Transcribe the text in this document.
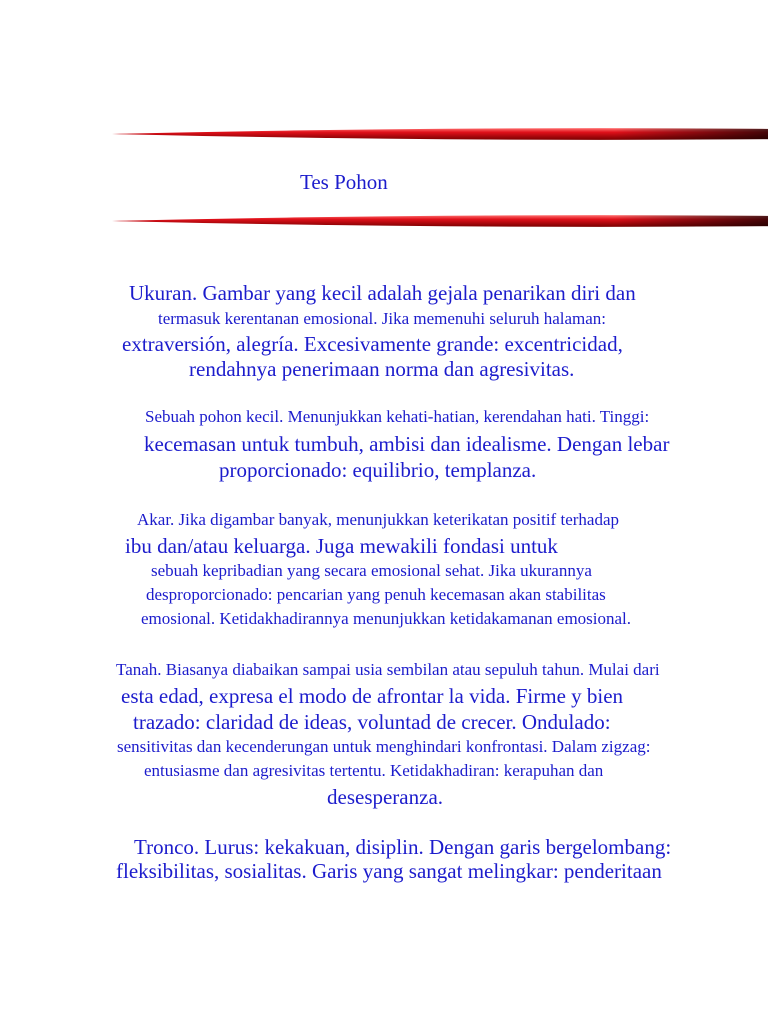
Tes Pohon
Ukuran. Gambar yang kecil adalah gejala penarikan diri dan
termasuk kerentanan emosional. Jika memenuhi seluruh halaman:
extraversión, alegría. Excesivamente grande: excentricidad,
rendahnya penerimaan norma dan agresivitas.
Sebuah pohon kecil. Menunjukkan kehati-hatian, kerendahan hati. Tinggi:
kecemasan untuk tumbuh, ambisi dan idealisme. Dengan lebar
proporcionado: equilibrio, templanza.
Akar. Jika digambar banyak, menunjukkan keterikatan positif terhadap
ibu dan/atau keluarga. Juga mewakili fondasi untuk
sebuah kepribadian yang secara emosional sehat. Jika ukurannya
desproporcionado: pencarian yang penuh kecemasan akan stabilitas
emosional. Ketidakhadirannya menunjukkan ketidakamanan emosional.
Tanah. Biasanya diabaikan sampai usia sembilan atau sepuluh tahun. Mulai dari
esta edad, expresa el modo de afrontar la vida. Firme y bien
trazado: claridad de ideas, voluntad de crecer. Ondulado:
sensitivitas dan kecenderungan untuk menghindari konfrontasi. Dalam zigzag:
entusiasme dan agresivitas tertentu. Ketidakhadiran: kerapuhan dan
desesperanza.
Tronco. Lurus: kekakuan, disiplin. Dengan garis bergelombang:
fleksibilitas, sosialitas. Garis yang sangat melingkar: penderitaan
